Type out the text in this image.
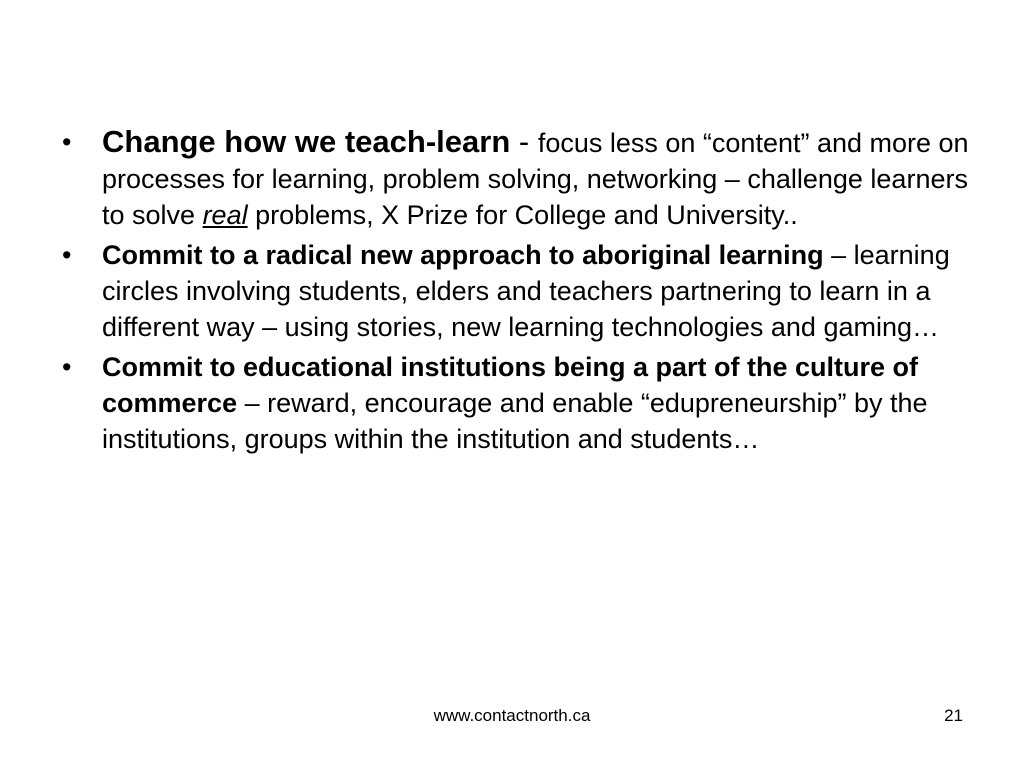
• Change how we teach-learn - focus less on “content” and more on processes for learning, problem solving, networking – challenge learners to solve real problems, X Prize for College and University..
• Commit to a radical new approach to aboriginal learning – learning circles involving students, elders and teachers partnering to learn in a different way – using stories, new learning technologies and gaming…
• Commit to educational institutions being a part of the culture of commerce – reward, encourage and enable “edupreneurship” by the institutions, groups within the institution and students…
www.contactnorth.ca	21
